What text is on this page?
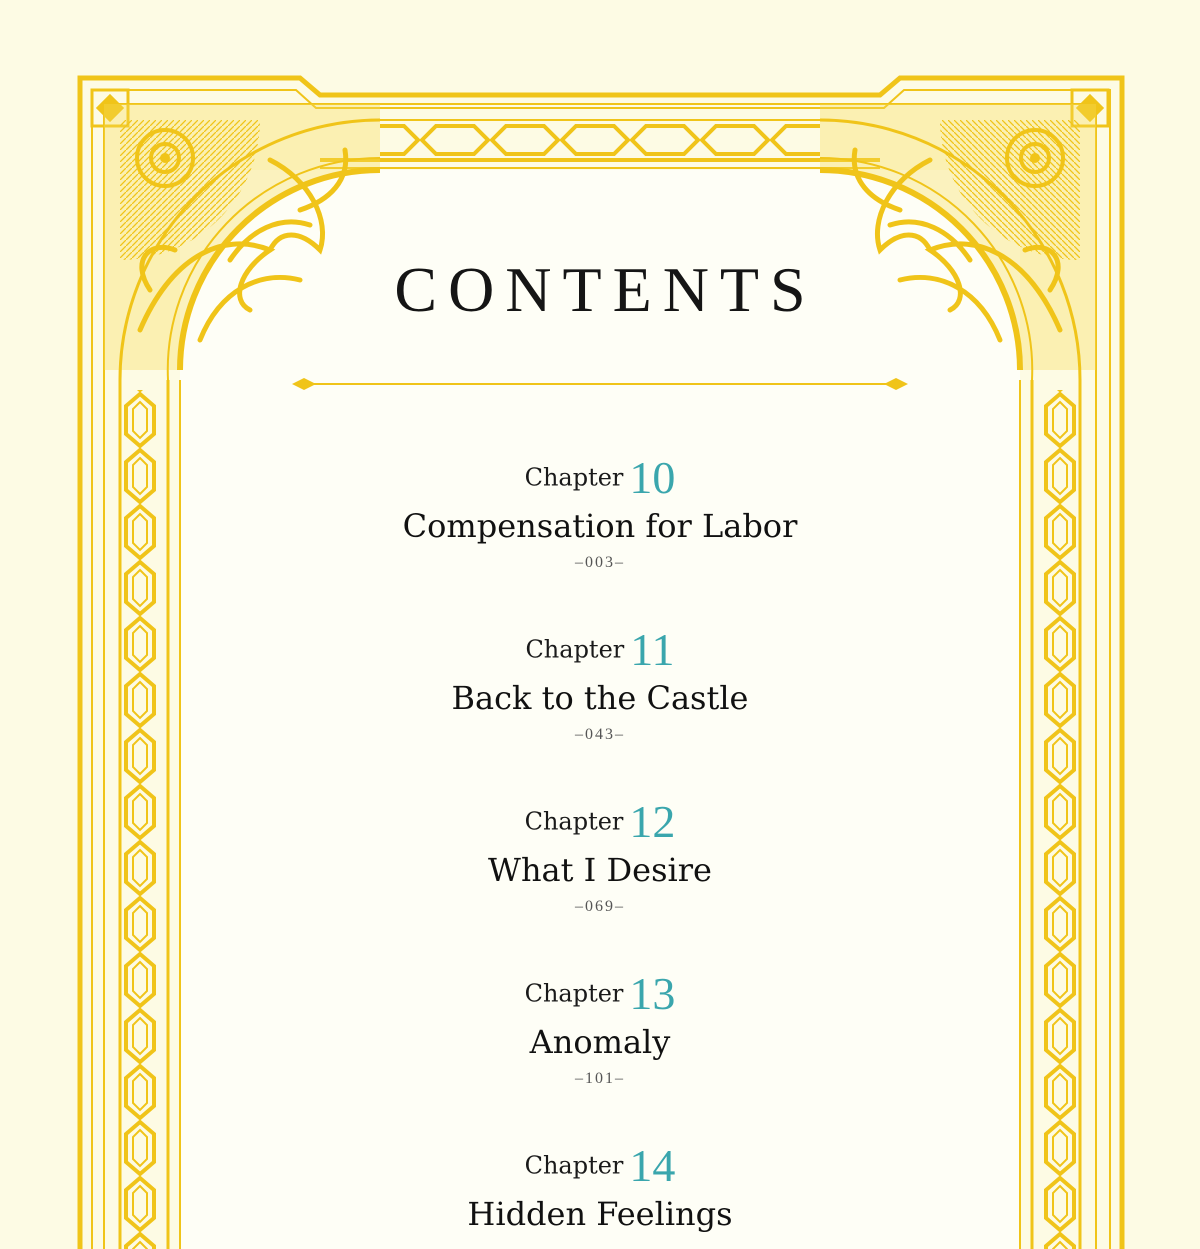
CONTENTS
Chapter 10
Compensation for Labor
–003–
Chapter 11
Back to the Castle
–043–
Chapter 12
What I Desire
–069–
Chapter 13
Anomaly
–101–
Chapter 14
Hidden Feelings
